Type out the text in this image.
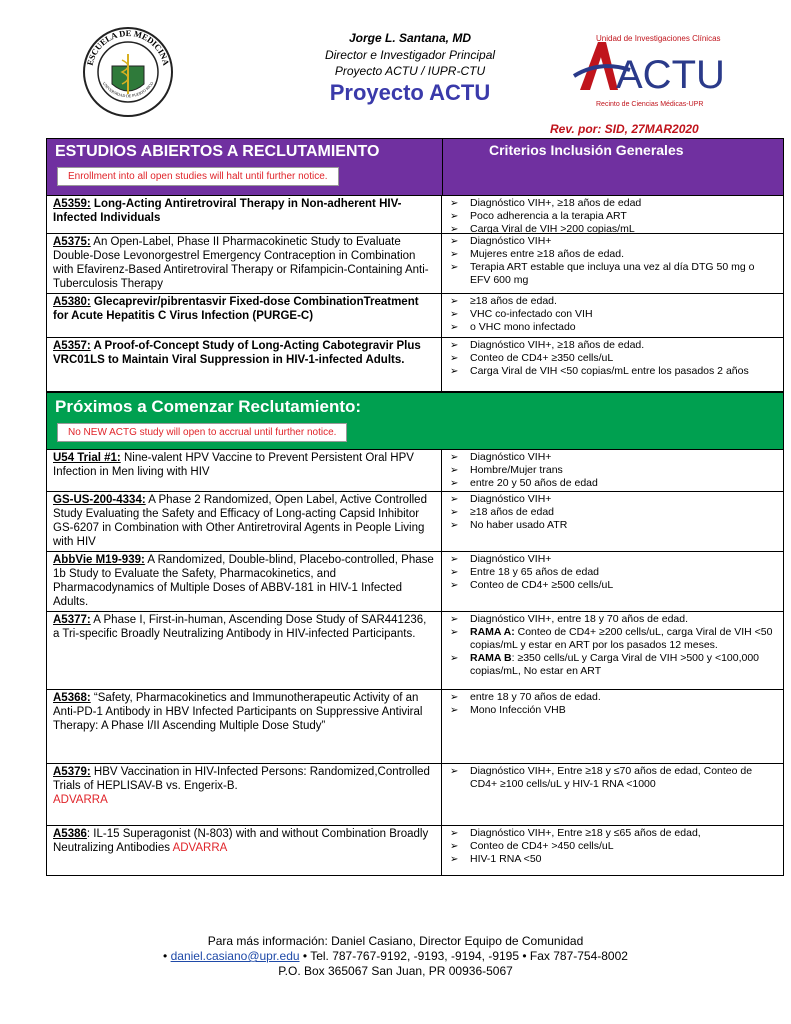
ESCUELA DE MEDICINA
UNIVERSIDAD DE PUERTO RICO
Jorge L. Santana, MD
Director e Investigador Principal
Proyecto ACTU / IUPR-CTU
Proyecto ACTU
Unidad de Investigaciones Clínicas
ACTU
Recinto de Ciencias Médicas-UPR
Rev. por: SID, 27MAR2020
ESTUDIOS ABIERTOS A RECLUTAMIENTO
Enrollment into all open studies will halt until further notice.
Criterios Inclusión Generales
A5359: Long-Acting Antiretroviral Therapy in Non-adherent HIV-Infected Individuals
➢ Diagnóstico VIH+, ≥18 años de edad
➢ Poco adherencia a la terapia ART
➢ Carga Viral de VIH >200 copias/mL
A5375: An Open-Label, Phase II Pharmacokinetic Study to Evaluate Double-Dose Levonorgestrel Emergency Contraception in Combination with Efavirenz-Based Antiretroviral Therapy or Rifampicin-Containing Anti-Tuberculosis Therapy
➢ Diagnóstico VIH+
➢ Mujeres entre ≥18 años de edad.
➢ Terapia ART estable que incluya una vez al día DTG 50 mg o EFV 600 mg
A5380: Glecaprevir/pibrentasvir Fixed-dose CombinationTreatment for Acute Hepatitis C Virus Infection (PURGE-C)
➢ ≥18 años de edad.
➢ VHC co-infectado con VIH
➢ o VHC mono infectado
A5357: A Proof-of-Concept Study of Long-Acting Cabotegravir Plus VRC01LS to Maintain Viral Suppression in HIV-1-infected Adults.
➢ Diagnóstico VIH+, ≥18 años de edad.
➢ Conteo de CD4+ ≥350 cells/uL
➢ Carga Viral de VIH <50 copias/mL entre los pasados 2 años
Próximos a Comenzar Reclutamiento:
No NEW ACTG study will open to accrual until further notice.
U54 Trial #1: Nine-valent HPV Vaccine to Prevent Persistent Oral HPV Infection in Men living with HIV
➢ Diagnóstico VIH+
➢ Hombre/Mujer trans
➢ entre 20 y 50 años de edad
GS-US-200-4334: A Phase 2 Randomized, Open Label, Active Controlled Study Evaluating the Safety and Efficacy of Long-acting Capsid Inhibitor GS-6207 in Combination with Other Antiretroviral Agents in People Living with HIV
➢ Diagnóstico VIH+
➢ ≥18 años de edad
➢ No haber usado ATR
AbbVie M19-939: A Randomized, Double-blind, Placebo-controlled, Phase 1b Study to Evaluate the Safety, Pharmacokinetics, and Pharmacodynamics of Multiple Doses of ABBV-181 in HIV-1 Infected Adults.
➢ Diagnóstico VIH+
➢ Entre 18 y 65 años de edad
➢ Conteo de CD4+ ≥500 cells/uL
A5377: A Phase I, First-in-human, Ascending Dose Study of SAR441236, a Tri-specific Broadly Neutralizing Antibody in HIV-infected Participants.
➢ Diagnóstico VIH+, entre 18 y 70 años de edad.
➢ RAMA A: Conteo de CD4+ ≥200 cells/uL, carga Viral de VIH <50 copias/mL y estar en ART por los pasados 12 meses.
➢ RAMA B: ≥350 cells/uL y Carga Viral de VIH >500 y <100,000 copias/mL, No estar en ART
A5368: “Safety, Pharmacokinetics and Immunotherapeutic Activity of an Anti-PD-1 Antibody in HBV Infected Participants on Suppressive Antiviral Therapy: A Phase I/II Ascending Multiple Dose Study”
➢ entre 18 y 70 años de edad.
➢ Mono Infección VHB
A5379: HBV Vaccination in HIV-Infected Persons: Randomized,Controlled Trials of HEPLISAV-B vs. Engerix-B.
ADVARRA
➢ Diagnóstico VIH+, Entre ≥18 y ≤70 años de edad, Conteo de CD4+ ≥100 cells/uL y HIV-1 RNA <1000
A5386: IL-15 Superagonist (N-803) with and without Combination Broadly Neutralizing Antibodies ADVARRA
➢ Diagnóstico VIH+, Entre ≥18 y ≤65 años de edad,
➢ Conteo de CD4+ >450 cells/uL
➢ HIV-1 RNA <50
Para más información: Daniel Casiano, Director Equipo de Comunidad
• daniel.casiano@upr.edu • Tel. 787-767-9192, -9193, -9194, -9195 • Fax 787-754-8002
P.O. Box 365067 San Juan, PR 00936-5067
